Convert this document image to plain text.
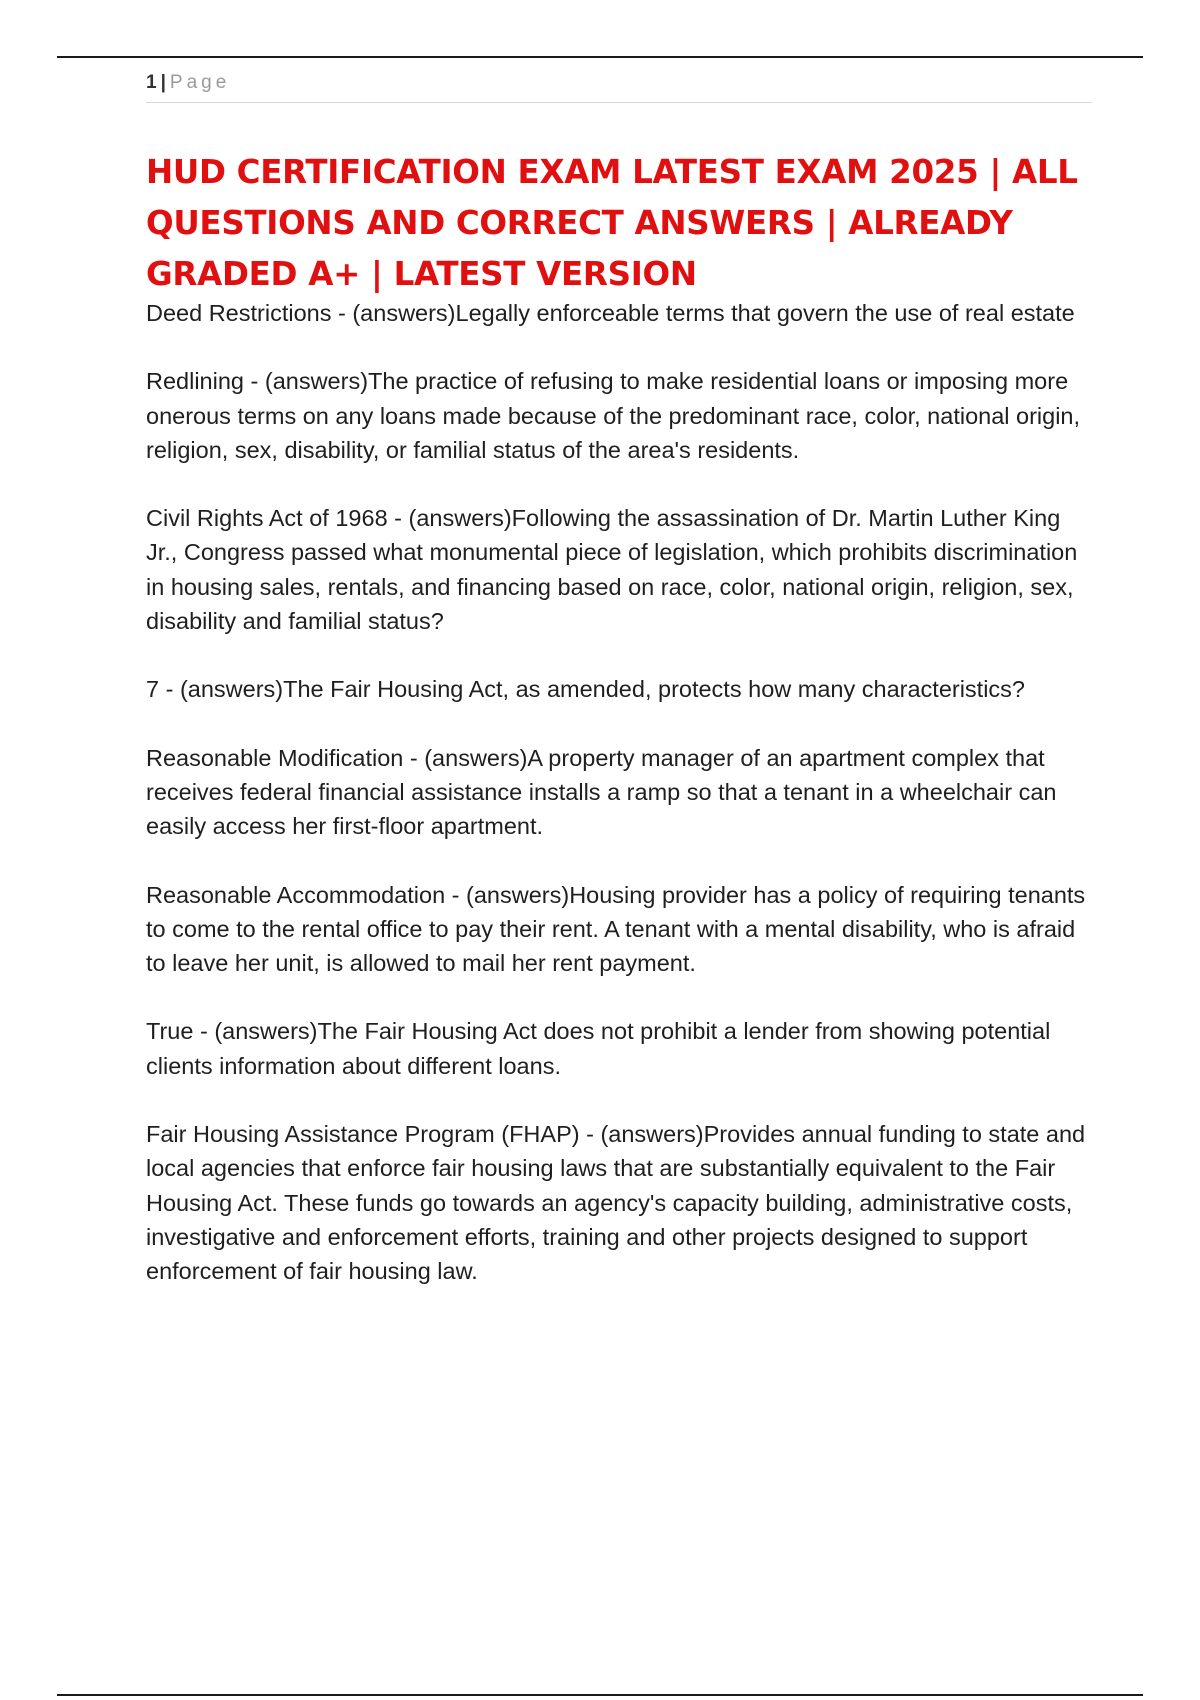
1 | Page
HUD CERTIFICATION EXAM LATEST EXAM 2025 | ALL QUESTIONS AND CORRECT ANSWERS | ALREADY GRADED A+ | LATEST VERSION

Deed Restrictions - (answers)Legally enforceable terms that govern the use of real estate

Redlining - (answers)The practice of refusing to make residential loans or imposing more onerous terms on any loans made because of the predominant race, color, national origin, religion, sex, disability, or familial status of the area's residents.

Civil Rights Act of 1968 - (answers)Following the assassination of Dr. Martin Luther King Jr., Congress passed what monumental piece of legislation, which prohibits discrimination in housing sales, rentals, and financing based on race, color, national origin, religion, sex, disability and familial status?

7 - (answers)The Fair Housing Act, as amended, protects how many characteristics?

Reasonable Modification - (answers)A property manager of an apartment complex that receives federal financial assistance installs a ramp so that a tenant in a wheelchair can easily access her first-floor apartment.

Reasonable Accommodation - (answers)Housing provider has a policy of requiring tenants to come to the rental office to pay their rent. A tenant with a mental disability, who is afraid to leave her unit, is allowed to mail her rent payment.

True - (answers)The Fair Housing Act does not prohibit a lender from showing potential clients information about different loans.

Fair Housing Assistance Program (FHAP) - (answers)Provides annual funding to state and local agencies that enforce fair housing laws that are substantially equivalent to the Fair Housing Act. These funds go towards an agency's capacity building, administrative costs, investigative and enforcement efforts, training and other projects designed to support enforcement of fair housing law.
